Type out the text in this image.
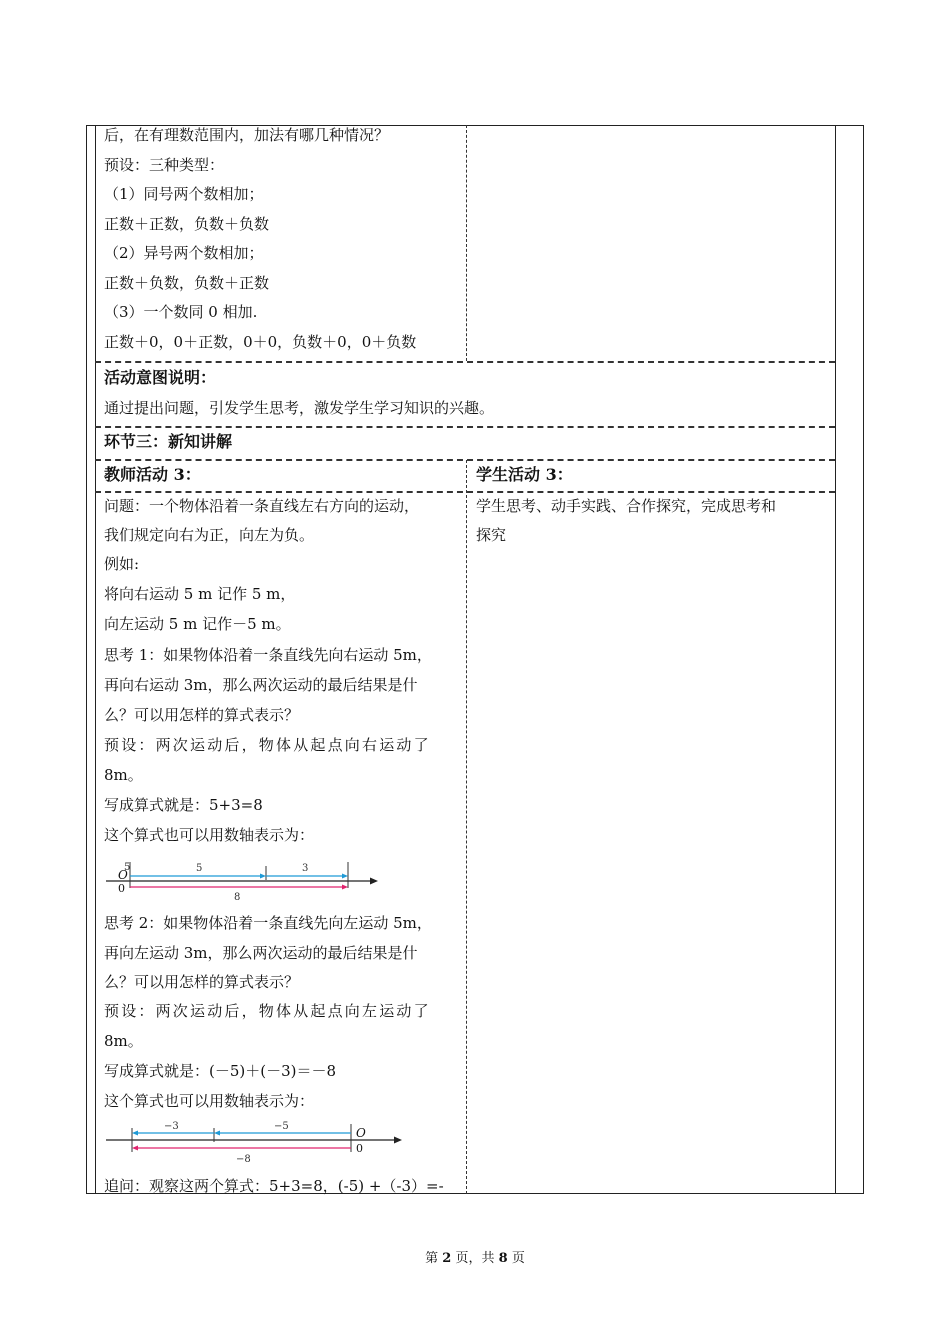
后，在有理数范围内，加法有哪几种情况？
预设：三种类型：
（1）同号两个数相加；
正数＋正数，负数＋负数
（2）异号两个数相加；
正数＋负数，负数＋正数
（3）一个数同 0 相加.
正数＋0，0＋正数，0＋0，负数＋0，0＋负数
活动意图说明：
通过提出问题，引发学生思考，激发学生学习知识的兴趣。
环节三：新知讲解
教师活动 3：
问题：一个物体沿着一条直线左右方向的运动，
我们规定向右为正，向左为负。
例如:
将向右运动 5 m 记作 5 m，
向左运动 5 m 记作－5 m。
思考 1：如果物体沿着一条直线先向右运动 5m，
再向右运动 3m，那么两次运动的最后结果是什
么？可以用怎样的算式表示？
预设：两次运动后，物体从起点向右运动了
8m。
写成算式就是：5+3=8
这个算式也可以用数轴表示为：
5
O
0
5	3
8
思考 2：如果物体沿着一条直线先向左运动 5m，
再向左运动 3m，那么两次运动的最后结果是什
么？可以用怎样的算式表示？
预设：两次运动后，物体从起点向左运动了
8m。
写成算式就是：(－5)＋(－3)＝－8
这个算式也可以用数轴表示为：
O
0
−3	−5
−8
追问：观察这两个算式：5+3=8，(-5) +（-3）=-
学生活动 3：
学生思考、动手实践、合作探究，完成思考和
探究
第 2 页，共 8 页
